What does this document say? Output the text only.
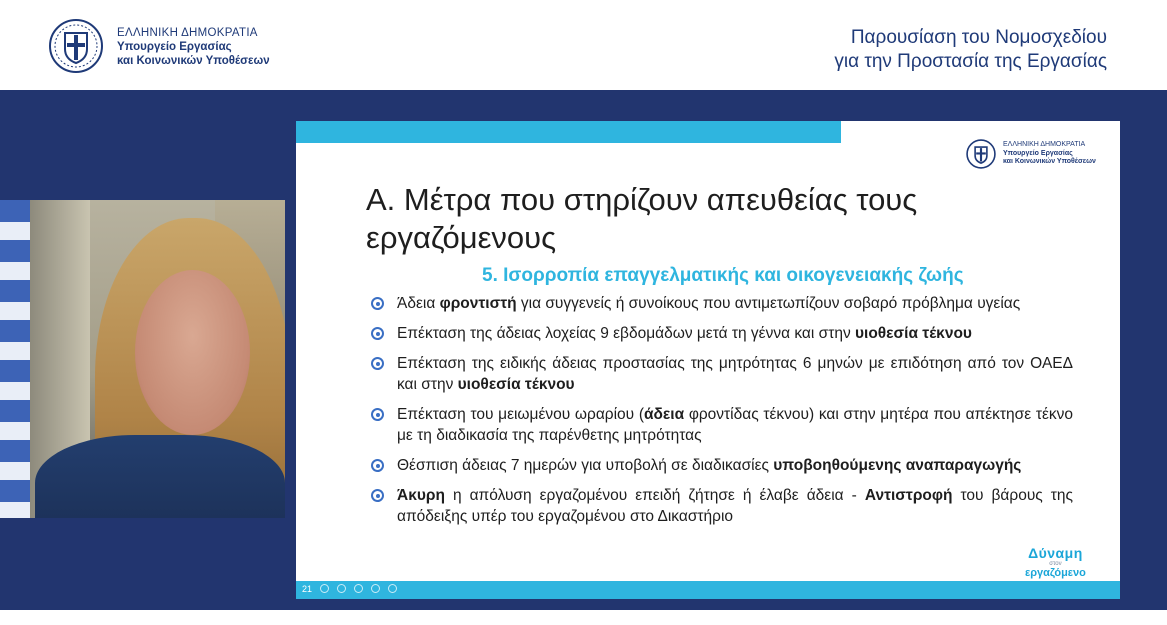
ΕΛΛΗΝΙΚΗ ΔΗΜΟΚΡΑΤΙΑ
Υπουργείο Εργασίας
και Κοινωνικών Υποθέσεων
Παρουσίαση του Νομοσχεδίου
για την Προστασία της Εργασίας
ΕΛΛΗΝΙΚΗ ΔΗΜΟΚΡΑΤΙΑ
Υπουργείο Εργασίας
και Κοινωνικών Υποθέσεων
Α. Μέτρα που στηρίζουν απευθείας τους
εργαζόμενους
5. Ισορροπία επαγγελματικής και οικογενειακής ζωής
Άδεια φροντιστή για συγγενείς ή συνοίκους που αντιμετωπίζουν σοβαρό πρόβλημα υγείας
Επέκταση της άδειας λοχείας 9 εβδομάδων μετά τη γέννα και στην υιοθεσία τέκνου
Επέκταση της ειδικής άδειας προστασίας της μητρότητας 6 μηνών με επιδότηση από τον ΟΑΕΔ και στην υιοθεσία τέκνου
Επέκταση του μειωμένου ωραρίου (άδεια φροντίδας τέκνου) και στην μητέρα που απέκτησε τέκνο με τη διαδικασία της παρένθετης μητρότητας
Θέσπιση άδειας 7 ημερών για υποβολή σε διαδικασίες υποβοηθούμενης αναπαραγωγής
Άκυρη η απόλυση εργαζομένου επειδή ζήτησε ή έλαβε άδεια - Αντιστροφή του βάρους της απόδειξης υπέρ του εργαζομένου στο Δικαστήριο
Δύναμη
στον
εργαζόμενο
21
